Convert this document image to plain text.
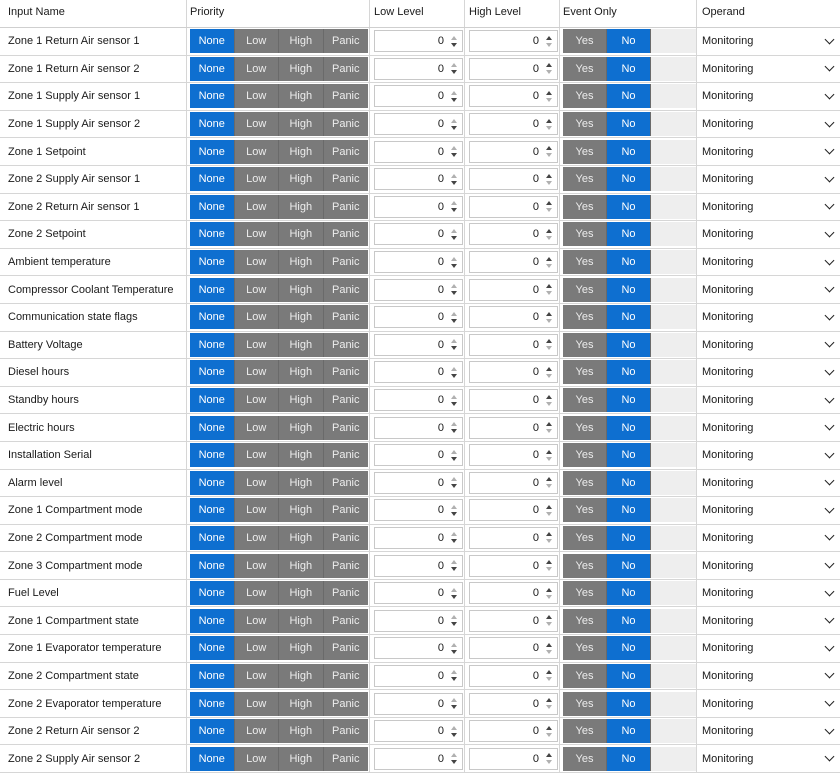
Input Name	Priority	Low Level	High Level	Event Only	Operand
Zone 1 Return Air sensor 1	None	Low	High	Panic	0	0	Yes	No	Monitoring
Zone 1 Return Air sensor 2	None	Low	High	Panic	0	0	Yes	No	Monitoring
Zone 1 Supply Air sensor 1	None	Low	High	Panic	0	0	Yes	No	Monitoring
Zone 1 Supply Air sensor 2	None	Low	High	Panic	0	0	Yes	No	Monitoring
Zone 1 Setpoint	None	Low	High	Panic	0	0	Yes	No	Monitoring
Zone 2 Supply Air sensor 1	None	Low	High	Panic	0	0	Yes	No	Monitoring
Zone 2 Return Air sensor 1	None	Low	High	Panic	0	0	Yes	No	Monitoring
Zone 2 Setpoint	None	Low	High	Panic	0	0	Yes	No	Monitoring
Ambient temperature	None	Low	High	Panic	0	0	Yes	No	Monitoring
Compressor Coolant Temperature	None	Low	High	Panic	0	0	Yes	No	Monitoring
Communication state flags	None	Low	High	Panic	0	0	Yes	No	Monitoring
Battery Voltage	None	Low	High	Panic	0	0	Yes	No	Monitoring
Diesel hours	None	Low	High	Panic	0	0	Yes	No	Monitoring
Standby hours	None	Low	High	Panic	0	0	Yes	No	Monitoring
Electric hours	None	Low	High	Panic	0	0	Yes	No	Monitoring
Installation Serial	None	Low	High	Panic	0	0	Yes	No	Monitoring
Alarm level	None	Low	High	Panic	0	0	Yes	No	Monitoring
Zone 1 Compartment mode	None	Low	High	Panic	0	0	Yes	No	Monitoring
Zone 2 Compartment mode	None	Low	High	Panic	0	0	Yes	No	Monitoring
Zone 3 Compartment mode	None	Low	High	Panic	0	0	Yes	No	Monitoring
Fuel Level	None	Low	High	Panic	0	0	Yes	No	Monitoring
Zone 1 Compartment state	None	Low	High	Panic	0	0	Yes	No	Monitoring
Zone 1 Evaporator temperature	None	Low	High	Panic	0	0	Yes	No	Monitoring
Zone 2 Compartment state	None	Low	High	Panic	0	0	Yes	No	Monitoring
Zone 2 Evaporator temperature	None	Low	High	Panic	0	0	Yes	No	Monitoring
Zone 2 Return Air sensor 2	None	Low	High	Panic	0	0	Yes	No	Monitoring
Zone 2 Supply Air sensor 2	None	Low	High	Panic	0	0	Yes	No	Monitoring
